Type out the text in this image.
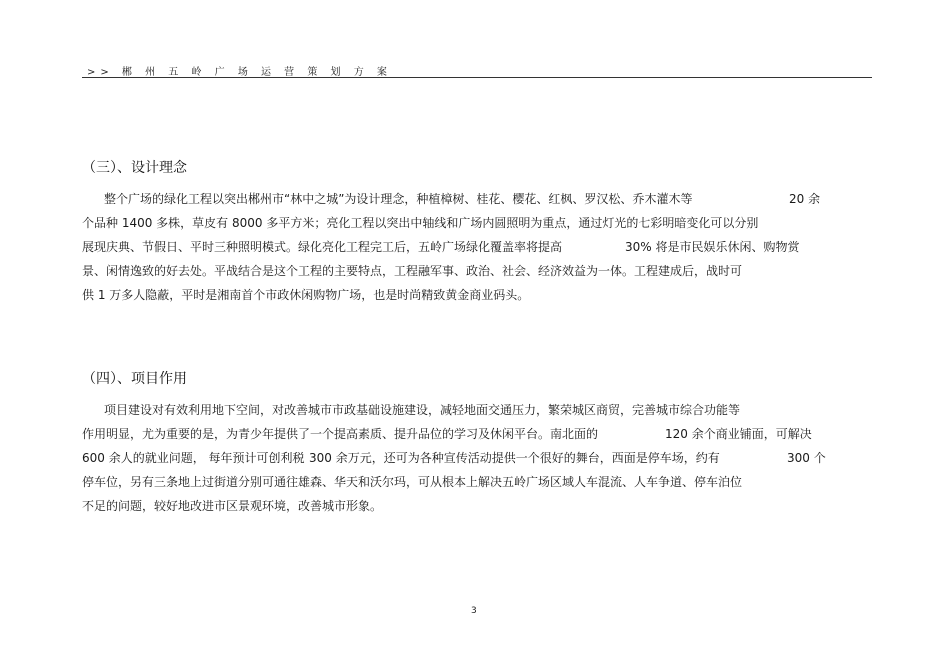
>> 郴 州 五 岭 广 场 运 营 策 划 方 案
（三）、设计理念
整个广场的绿化工程以突出郴州市“林中之城”为设计理念，种植樟树、桂花、樱花、红枫、罗汉松、乔木灌木等	20 余
个品种 1400 多株，草皮有 8000 多平方米；亮化工程以突出中轴线和广场内圆照明为重点，通过灯光的七彩明暗变化可以分别
展现庆典、节假日、平时三种照明模式。绿化亮化工程完工后，五岭广场绿化覆盖率将提高	30% 将是市民娱乐休闲、购物赏
景、闲情逸致的好去处。平战结合是这个工程的主要特点，工程融军事、政治、社会、经济效益为一体。工程建成后，战时可
供 1 万多人隐蔽，平时是湘南首个市政休闲购物广场，也是时尚精致黄金商业码头。
（四）、项目作用
项目建设对有效利用地下空间，对改善城市市政基础设施建设，减轻地面交通压力，繁荣城区商贸，完善城市综合功能等
作用明显，尤为重要的是，为青少年提供了一个提高素质、提升品位的学习及休闲平台。南北面的	120 余个商业铺面，可解决
600 余人的就业问题， 每年预计可创利税 300 余万元，还可为各种宣传活动提供一个很好的舞台，西面是停车场，约有	300 个
停车位，另有三条地上过街道分别可通往雄森、华天和沃尔玛，可从根本上解决五岭广场区域人车混流、人车争道、停车泊位
不足的问题，较好地改进市区景观环境，改善城市形象。
3
